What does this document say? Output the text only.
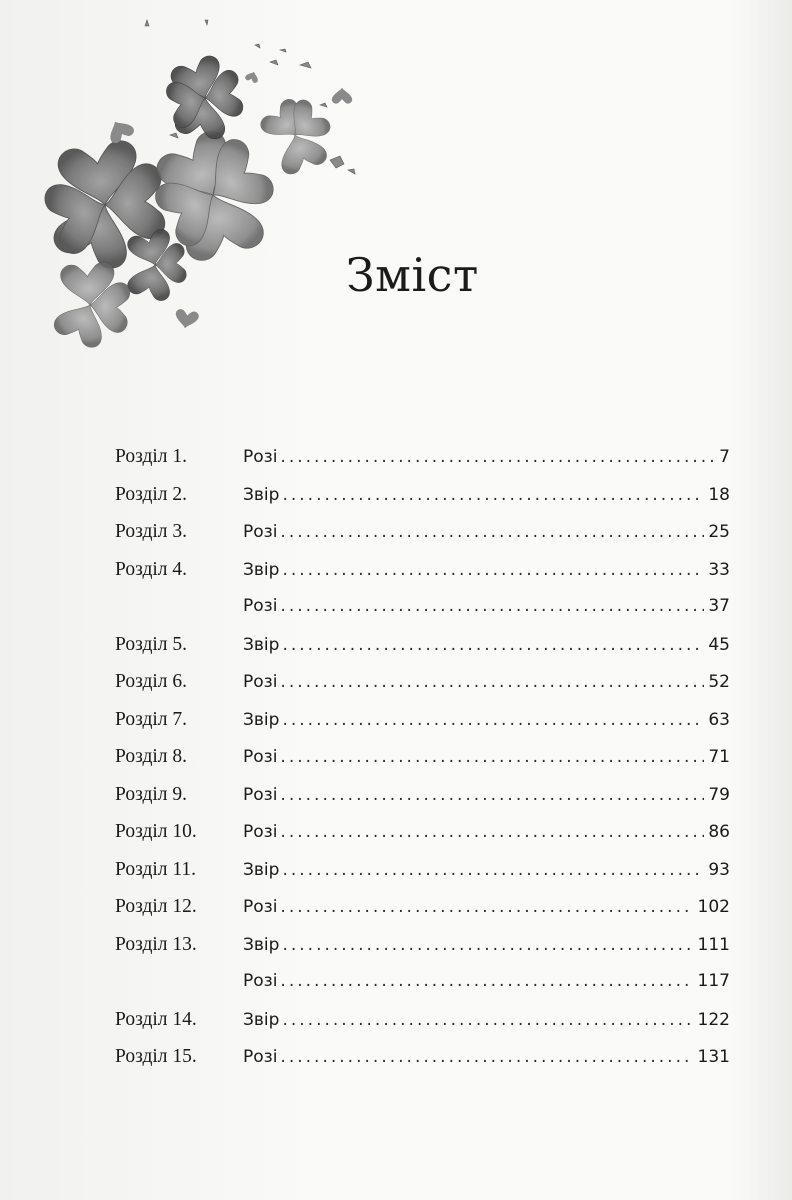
Зміст
Розділ 1.	Розі . . .	7
Розділ 2.	Звір . . .	18
Розділ 3.	Розі . . .	25
Розділ 4.	Звір . . .	33
Розі . . .	37
Розділ 5.	Звір . . .	45
Розділ 6.	Розі . . .	52
Розділ 7.	Звір . . .	63
Розділ 8.	Розі . . .	71
Розділ 9.	Розі . . .	79
Розділ 10.	Розі . . .	86
Розділ 11.	Звір . . .	93
Розділ 12.	Розі . . .	102
Розділ 13.	Звір . . .	111
Розі . . .	117
Розділ 14.	Звір . . .	122
Розділ 15.	Розі . . .	131
